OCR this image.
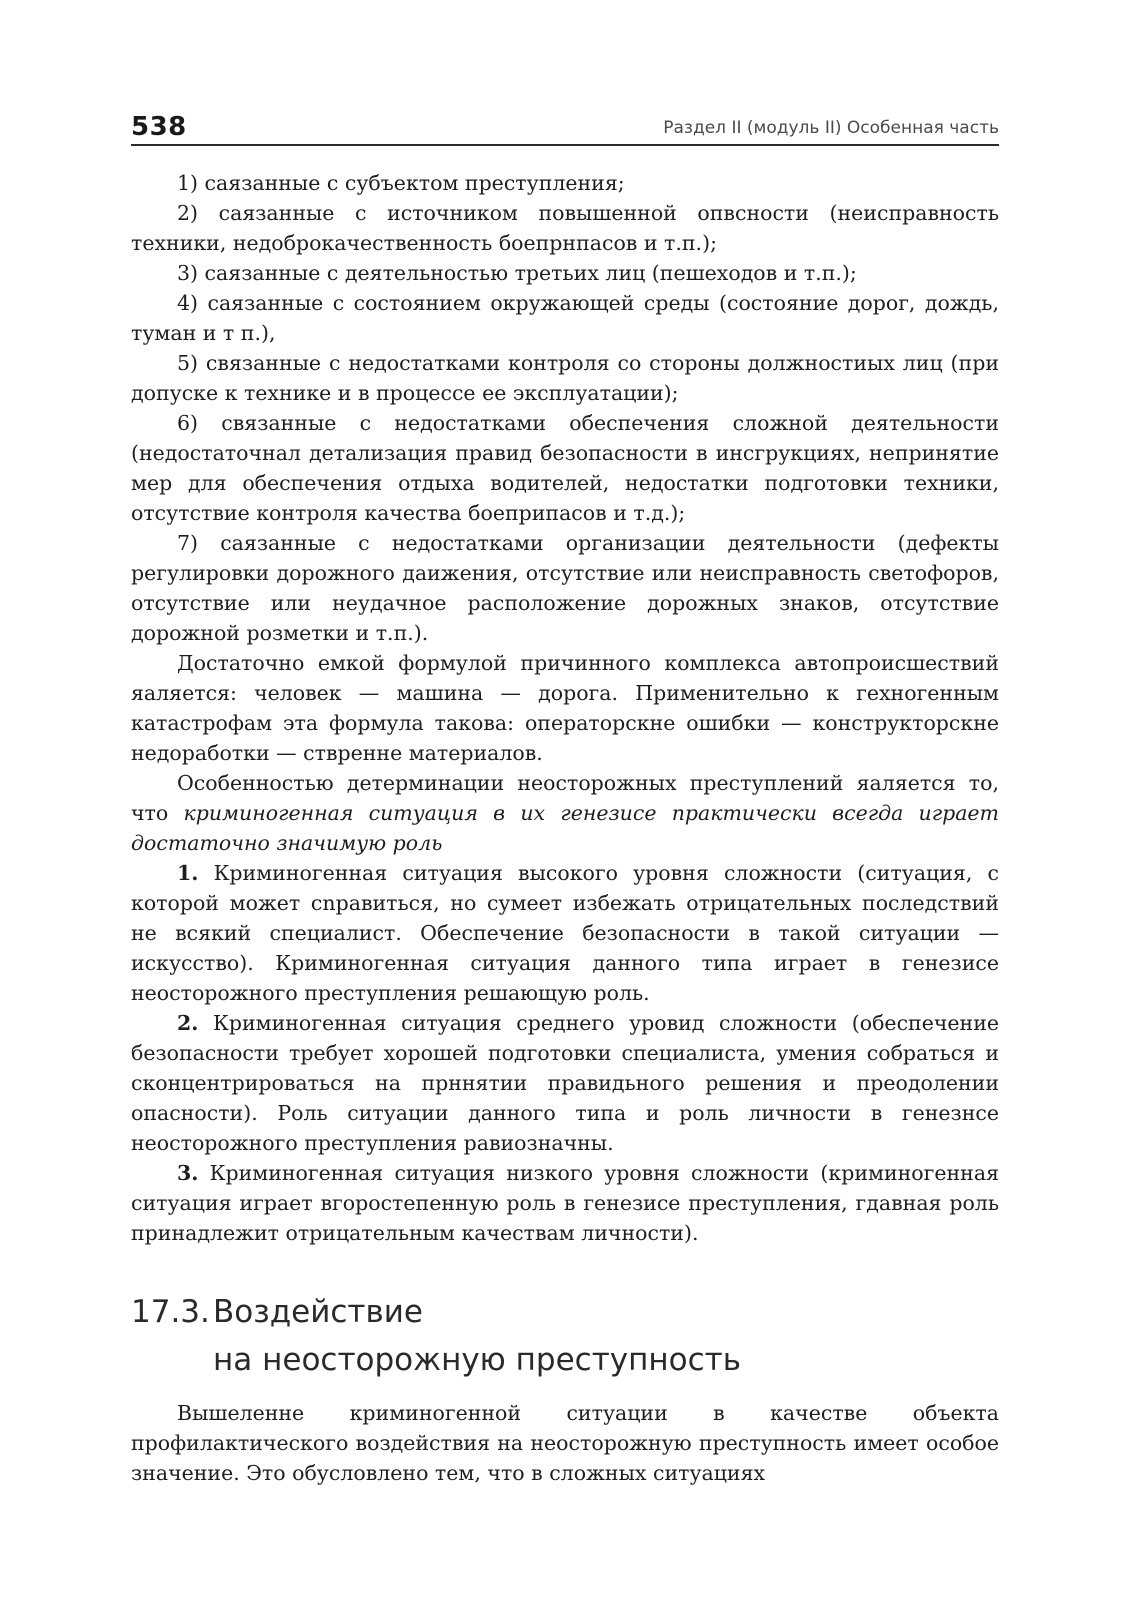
538	Раздел II (модуль II) Особенная часть

1) саязанные с субъектом преступления;

2) саязанные с источником повышенной опвсности (неисправность техники, недоброкачественность боепрнпасов и т.п.);

3) саязанные с деятельностью третьих лиц (пешеходов и т.п.);

4) саязанные с состоянием окружающей среды (состояние дорог, дождь, туман и т п.),

5) связанные с недостатками контроля со стороны должностиых лиц (при допуске к технике и в процессе ее эксплуатации);

6) связанные с недостатками обеспечения сложной деятельности (недостаточнал детализация правид безопасности в инсгрукциях, непринятие мер для обеспечения отдыха водителей, недостатки подготовки техники, отсутствие контроля качества боеприпасов и т.д.);

7) саязанные с недостатками организации деятельности (дефекты регулировки дорожного даижения, отсутствие или неисправность светофоров, отсутствие или неудачное расположение дорожных знаков, отсутствие дорожной розметки и т.п.).

Достаточно емкой формулой причинного комплекса автопроисшествий яаляется: человек — машина — дорога. Применительно к гехногенным катастрофам эта формула такова: операторскне ошибки — конструкторскне недорабoтки — ствренне материалов.

Особенностью детерминации неосторожных преступлений яаляется то, что криминогенная ситуация в их генезисе практически всегда играет достаточно значимую роль

1. Криминогенная ситуация высокого уровня сложности (ситуация, с которой может сnравиться, но сумеет избежать отрицательных последствий не всякий специалист. Обеспечение безопасности в такой ситуации — искусство). Криминогенная ситуация данного типа играет в генезисе неосторожного преступления решающую роль.

2. Криминогенная ситуация среднего уровид сложности (обеспечение безопасности требует хорошей подготовки специалиста, умения собраться и сконцентрироваться на прннятии правидьного решения и преодолении опасности). Роль ситуации данного типа и роль личности в генезнсе неосторожного преступления равиозначны.

3. Криминогенная ситуация низкого уровня сложности (криминогенная ситуация играет вгоростепенную роль в генезисе преступления, гдавная роль принадлежит отрицательным качествам личности).

17.3. Воздействие
на неосторожную преступность

Вышеленне криминогенной ситуации в качестве объекта профилактического воздействия на неосторожную преступность имеет особое значение. Это обусловлено тем, что в сложных ситуациях
